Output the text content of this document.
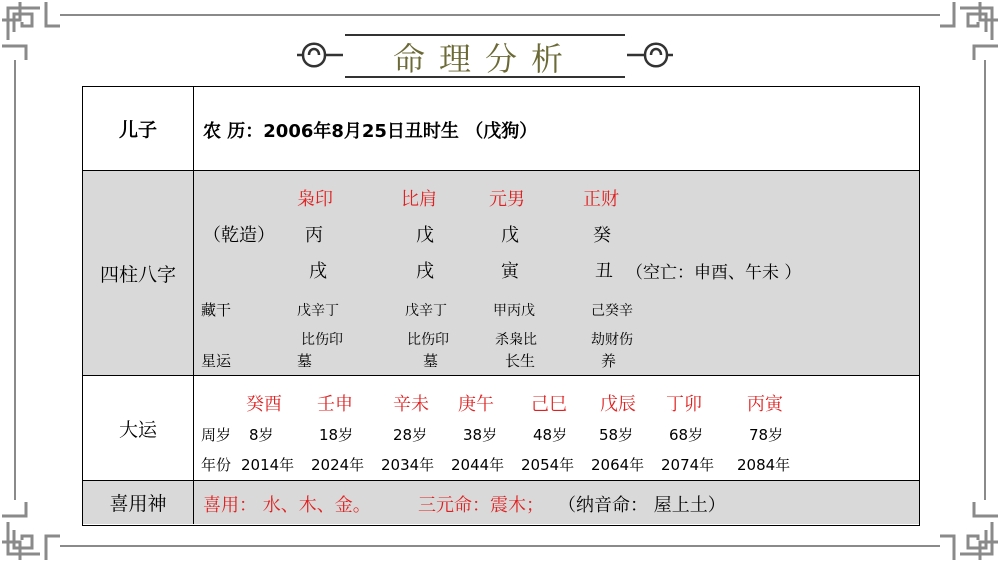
命理分析
儿子	农 历：2006年8月25日丑时生 （戊狗）
四柱八字
枭印	比肩	元男	正财
（乾造） 丙	戊	戊	癸
戌	戌	寅	丑 （空亡：申酉、午未 ）
藏干	戊辛丁	戊辛丁	甲丙戊	己癸辛
比伤印	比伤印	杀枭比	劫财伤
星运	墓	墓	长生	养
大运
癸酉 壬申 辛未 庚午 己巳 戊辰 丁卯	丙寅
周岁 8岁	18岁	28岁 38岁 48岁 58岁 68岁	78岁
年份 2014年 2024年 2034年 2044年 2054年 2064年 2074年 2084年
喜用神	喜用： 水、木、金。	三元命：震木； （纳音命： 屋上土）
